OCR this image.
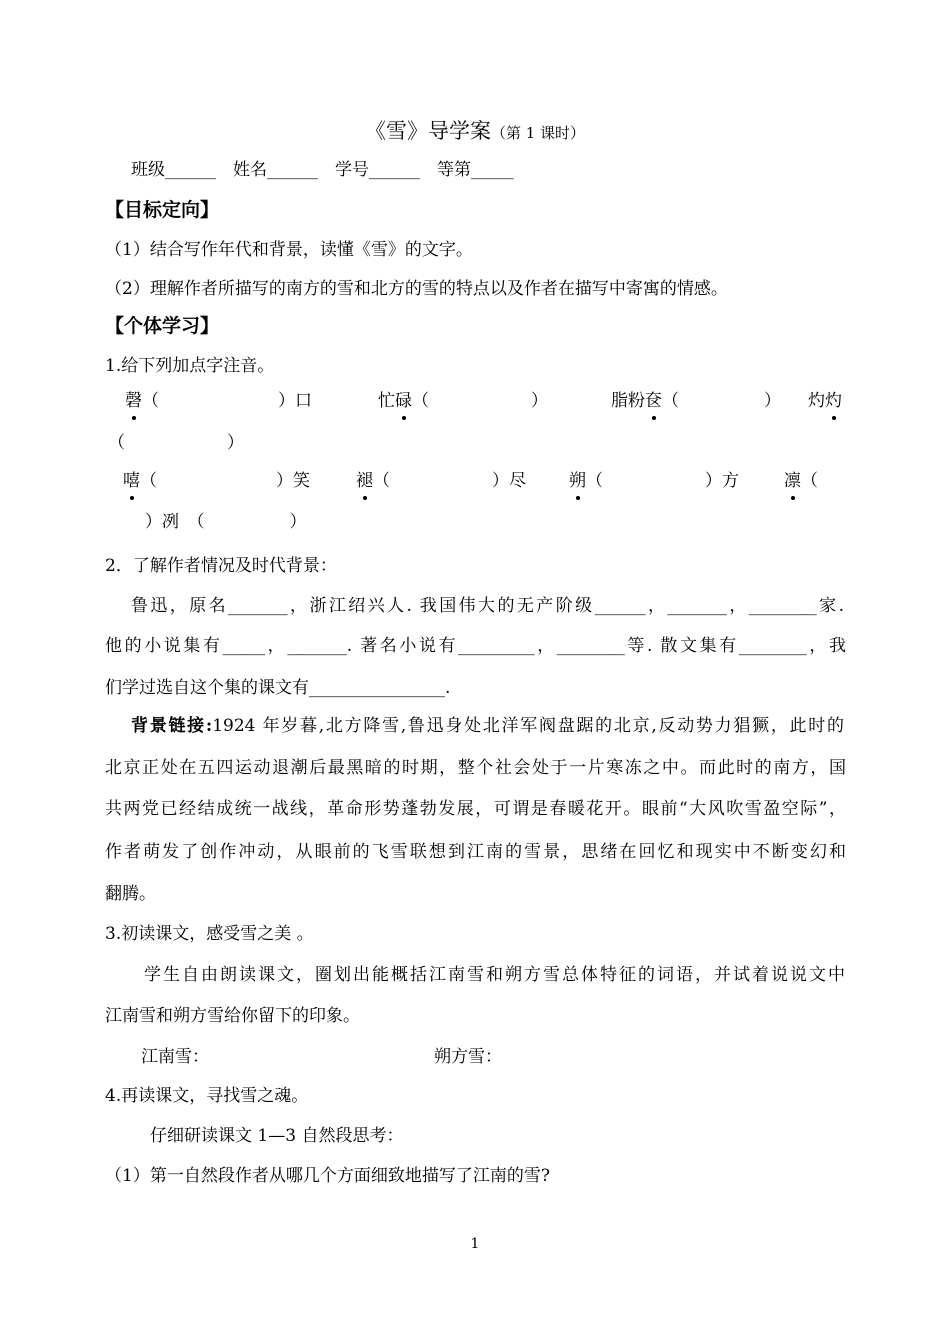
《雪》导学案（第 1 课时）
班级______　姓名______　学号______　等第_____
【目标定向】
（1）结合写作年代和背景，读懂《雪》的文字。
（2）理解作者所描写的南方的雪和北方的雪的特点以及作者在描写中寄寓的情感。
【个体学习】
1.给下列加点字注音。
磬（　　　　　　　）口	忙碌（　　　　　　）	脂粉奁（　　　　　） 灼灼
（　　　　　　）
嘻（　　　　　　　）笑	褪（　　　　　　）尽	朔（　　　　　　）方	凛（
　）冽　（　　　　　）
2．了解作者情况及时代背景：
鲁迅，原名_______，浙江绍兴人. 我国伟大的无产阶级______，_______，________家.
他的小说集有_____，_______. 著名小说有_________，________等. 散文集有________，我
们学过选自这个集的课文有________________.
背景链接:1924 年岁暮,北方降雪,鲁迅身处北洋军阀盘踞的北京,反动势力猖獗，此时的
北京正处在五四运动退潮后最黑暗的时期，整个社会处于一片寒冻之中。而此时的南方，国
共两党已经结成统一战线，革命形势蓬勃发展，可谓是春暖花开。眼前“大风吹雪盈空际”，
作者萌发了创作冲动，从眼前的飞雪联想到江南的雪景，思绪在回忆和现实中不断变幻和
翻腾。
3.初读课文，感受雪之美 。
学生自由朗读课文，圈划出能概括江南雪和朔方雪总体特征的词语，并试着说说文中
江南雪和朔方雪给你留下的印象。
江南雪：	朔方雪：
4.再读课文，寻找雪之魂。
仔细研读课文 1—3 自然段思考：
（1）第一自然段作者从哪几个方面细致地描写了江南的雪?
1
